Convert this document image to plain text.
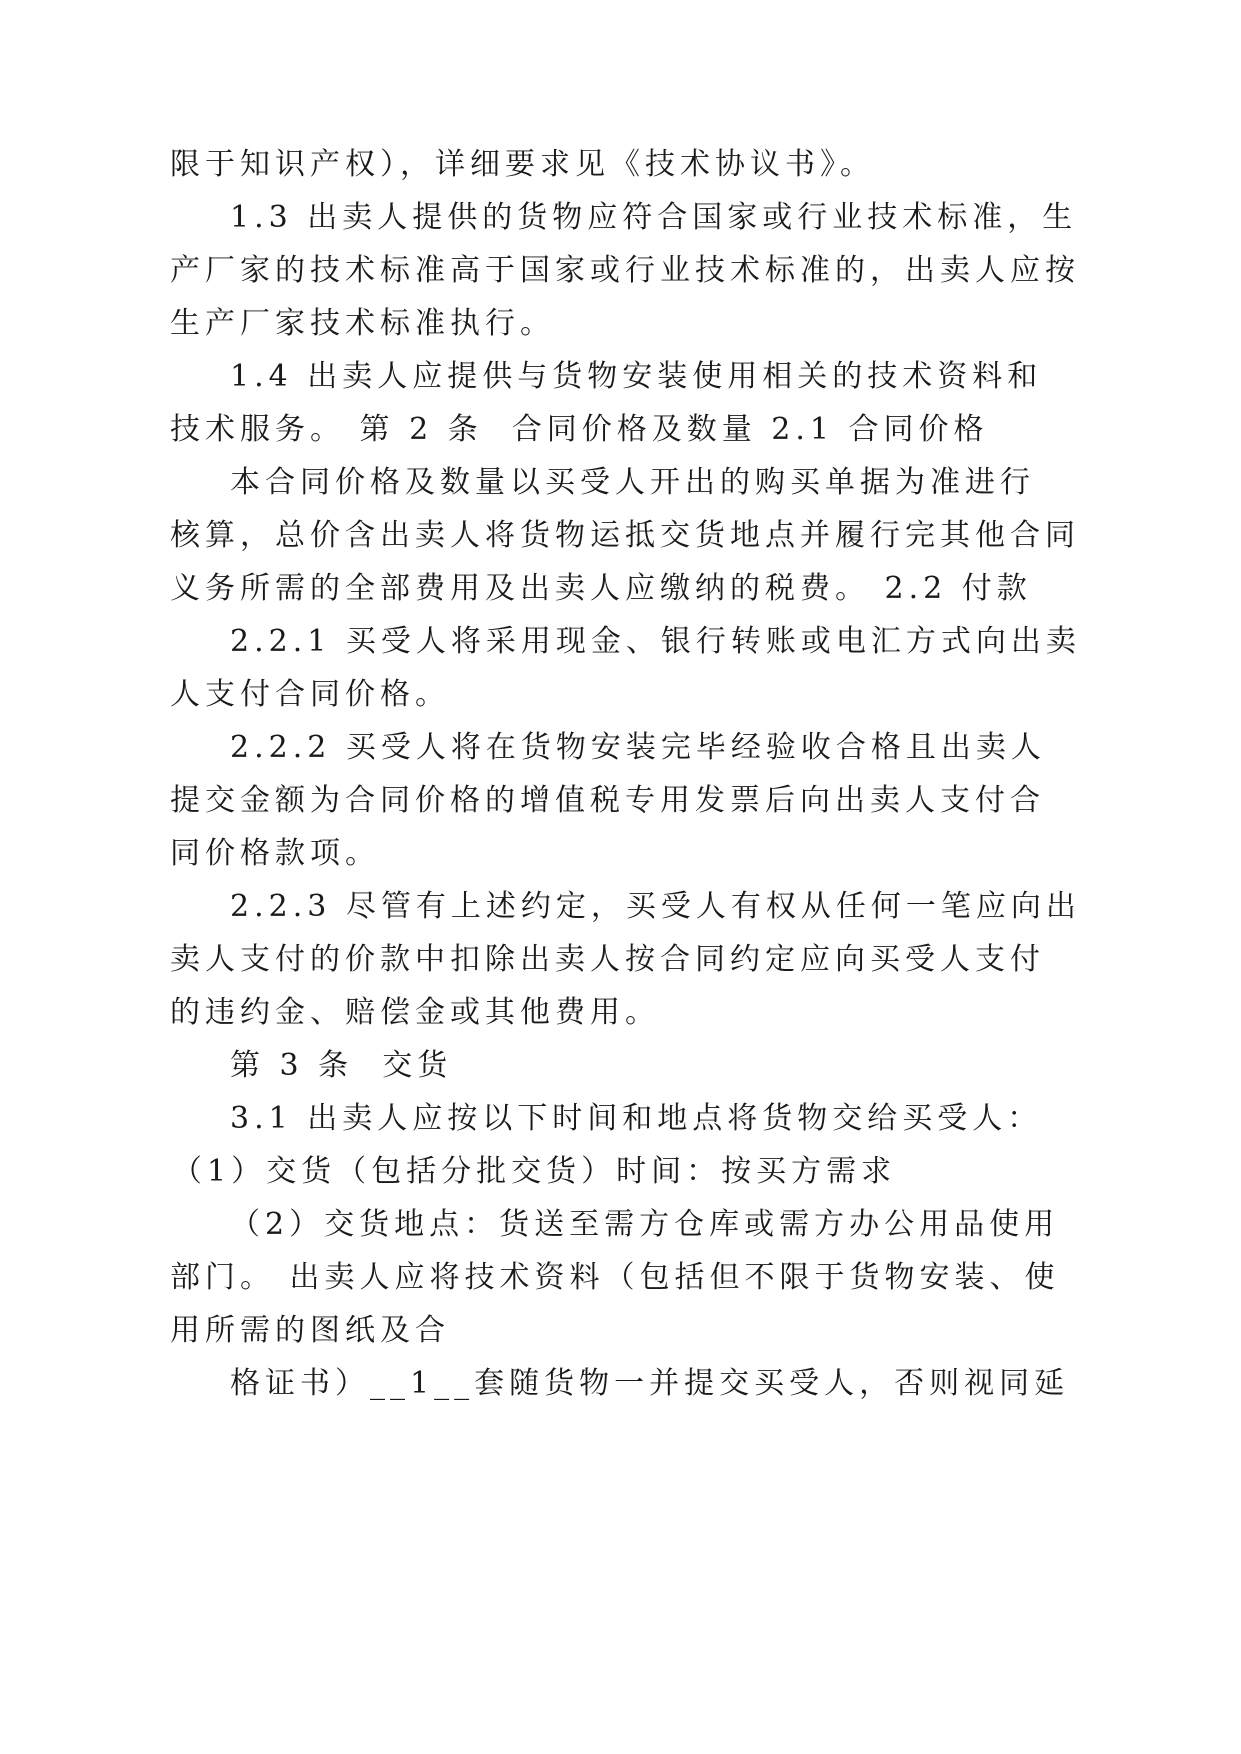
限于知识产权），详细要求见《技术协议书》。
1.3 出卖人提供的货物应符合国家或行业技术标准，生
产厂家的技术标准高于国家或行业技术标准的，出卖人应按
生产厂家技术标准执行。
1.4 出卖人应提供与货物安装使用相关的技术资料和
技术服务。 第 2 条  合同价格及数量 2.1 合同价格
本合同价格及数量以买受人开出的购买单据为准进行
核算，总价含出卖人将货物运抵交货地点并履行完其他合同
义务所需的全部费用及出卖人应缴纳的税费。 2.2 付款
2.2.1 买受人将采用现金、银行转账或电汇方式向出卖
人支付合同价格。
2.2.2 买受人将在货物安装完毕经验收合格且出卖人
提交金额为合同价格的增值税专用发票后向出卖人支付合
同价格款项。
2.2.3 尽管有上述约定，买受人有权从任何一笔应向出
卖人支付的价款中扣除出卖人按合同约定应向买受人支付
的违约金、赔偿金或其他费用。
第 3 条  交货
3.1 出卖人应按以下时间和地点将货物交给买受人：
（1）交货（包括分批交货）时间：按买方需求
（2）交货地点：货送至需方仓库或需方办公用品使用
部门。 出卖人应将技术资料（包括但不限于货物安装、使
用所需的图纸及合
格证书）__1__套随货物一并提交买受人，否则视同延
